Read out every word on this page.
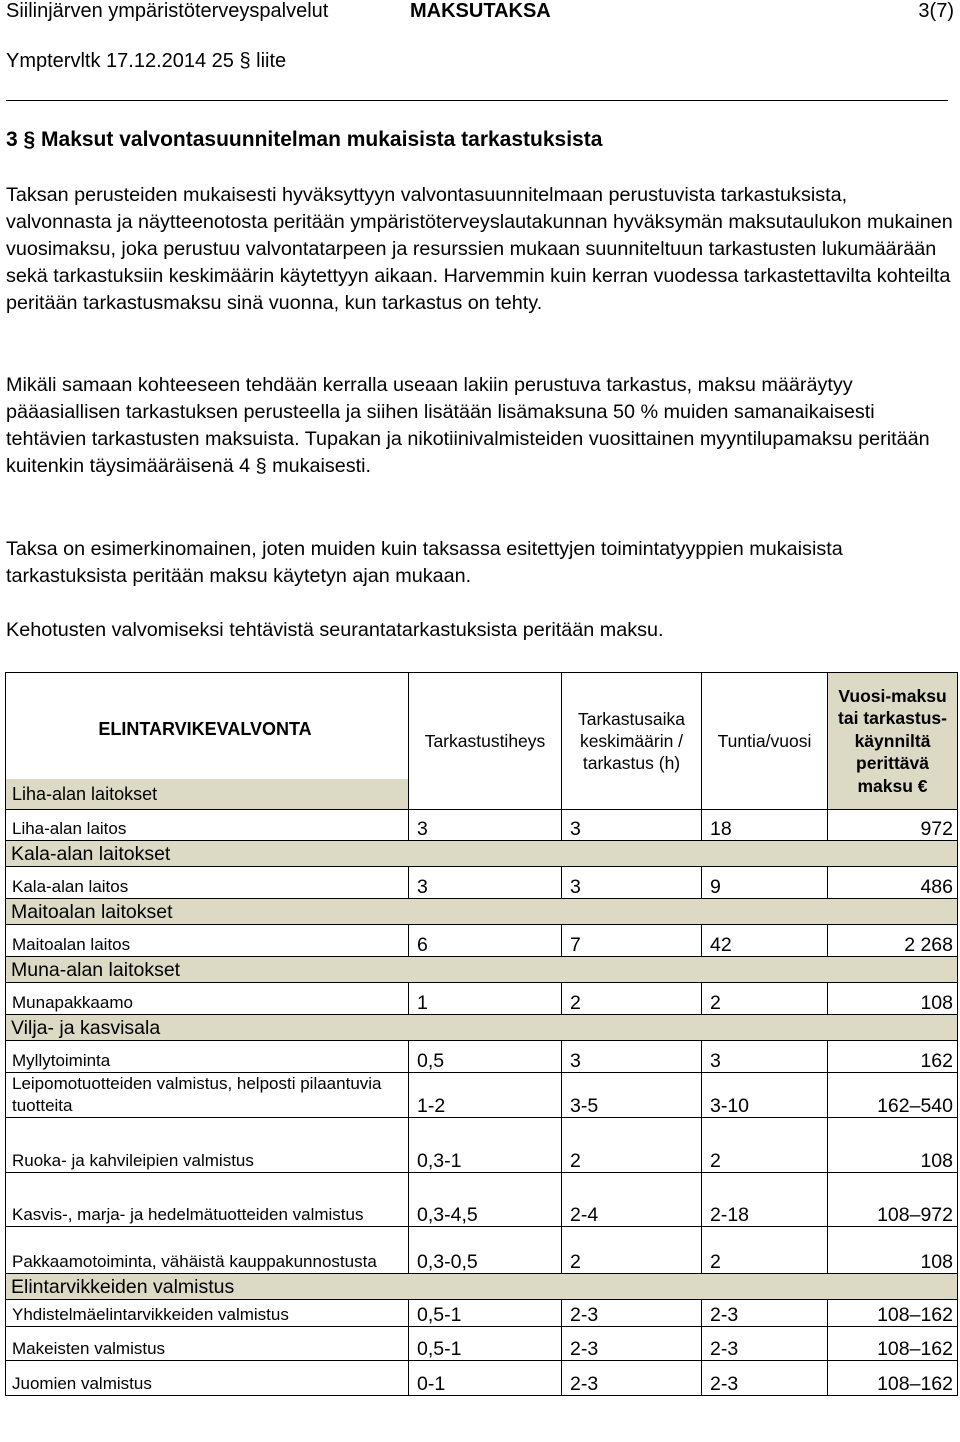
Siilinjärven ympäristöterveyspalvelut	MAKSUTAKSA	3(7)
Ymptervltk 17.12.2014 25 § liite
3 § Maksut valvontasuunnitelman mukaisista tarkastuksista

Taksan perusteiden mukaisesti hyväksyttyyn valvontasuunnitelmaan perustuvista tarkastuksista, valvonnasta ja näytteenotosta peritään ympäristöterveyslautakunnan hyväksymän maksutaulukon mukainen vuosimaksu, joka perustuu valvontatarpeen ja resurssien mukaan suunniteltuun tarkastusten lukumäärään sekä tarkastuksiin keskimäärin käytettyyn aikaan. Harvemmin kuin kerran vuodessa tarkastettavilta kohteilta peritään tarkastusmaksu sinä vuonna, kun tarkastus on tehty.

Mikäli samaan kohteeseen tehdään kerralla useaan lakiin perustuva tarkastus, maksu määräytyy pääasiallisen tarkastuksen perusteella ja siihen lisätään lisämaksuna 50 % muiden samanaikaisesti tehtävien tarkastusten maksuista. Tupakan ja nikotiinivalmisteiden vuosittainen myyntilupamaksu peritään kuitenkin täysimääräisenä 4 § mukaisesti.

Taksa on esimerkinomainen, joten muiden kuin taksassa esitettyjen toimintatyyppien mukaisista tarkastuksista peritään maksu käytetyn ajan mukaan.

Kehotusten valvomiseksi tehtävistä seurantatarkastuksista peritään maksu.

ELINTARVIKEVALVONTA
Liha-alan laitokset	Tarkastustiheys	Tarkastusaika keskimäärin / tarkastus (h)	Tuntia/vuosi	Vuosi-maksu tai tarkastus-käynniltä perittävä maksu €
Liha-alan laitos	3	3	18	972
Kala-alan laitokset				
Kala-alan laitos	3	3	9	486
Maitoalan laitokset				
Maitoalan laitos	6	7	42	2 268
Muna-alan laitokset				
Munapakkaamo	1	2	2	108
Vilja- ja kasvisala				
Myllytoiminta	0,5	3	3	162
Leipomotuotteiden valmistus, helposti pilaantuvia tuotteita	1-2	3-5	3-10	162–540
Ruoka- ja kahvileipien valmistus	0,3-1	2	2	108
Kasvis-, marja- ja hedelmätuotteiden valmistus	0,3-4,5	2-4	2-18	108–972
Pakkaamotoiminta, vähäistä kauppakunnostusta	0,3-0,5	2	2	108
Elintarvikkeiden valmistus				
Yhdistelmäelintarvikkeiden valmistus	0,5-1	2-3	2-3	108–162
Makeisten valmistus	0,5-1	2-3	2-3	108–162
Juomien valmistus	0-1	2-3	2-3	108–162
